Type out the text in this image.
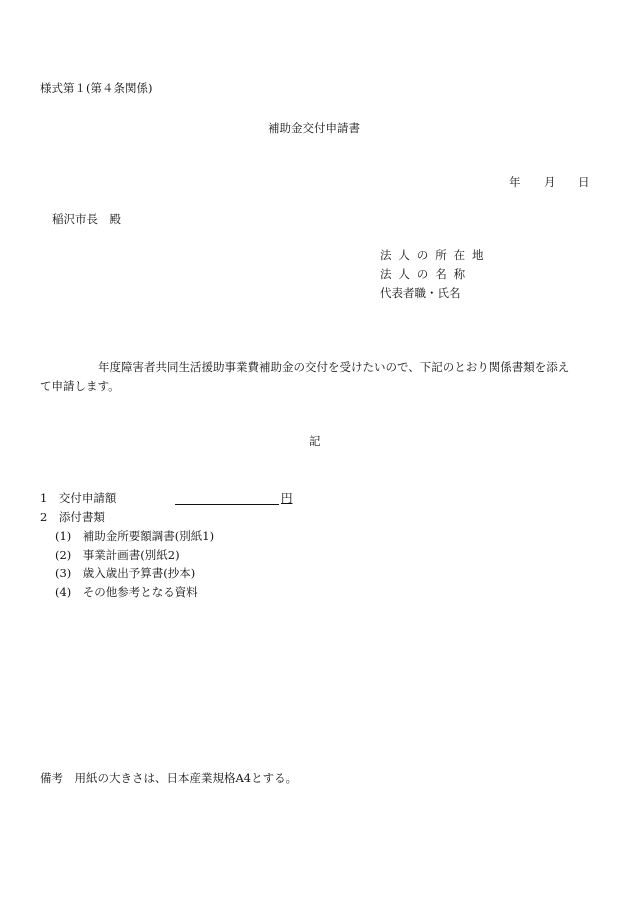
様式第１(第４条関係)
補助金交付申請書
年 月 日
稲沢市長　殿
法人の所在地
法人の名称
代表者職・氏名
年度障害者共同生活援助事業費補助金の交付を受けたいので、下記のとおり関係書類を添え
て申請します。
記
1　交付申請額	円
2　添付書類
(1)　補助金所要額調書(別紙1)
(2)　事業計画書(別紙2)
(3)　歳入歳出予算書(抄本)
(4)　その他参考となる資料
備考　用紙の大きさは、日本産業規格A4とする。
